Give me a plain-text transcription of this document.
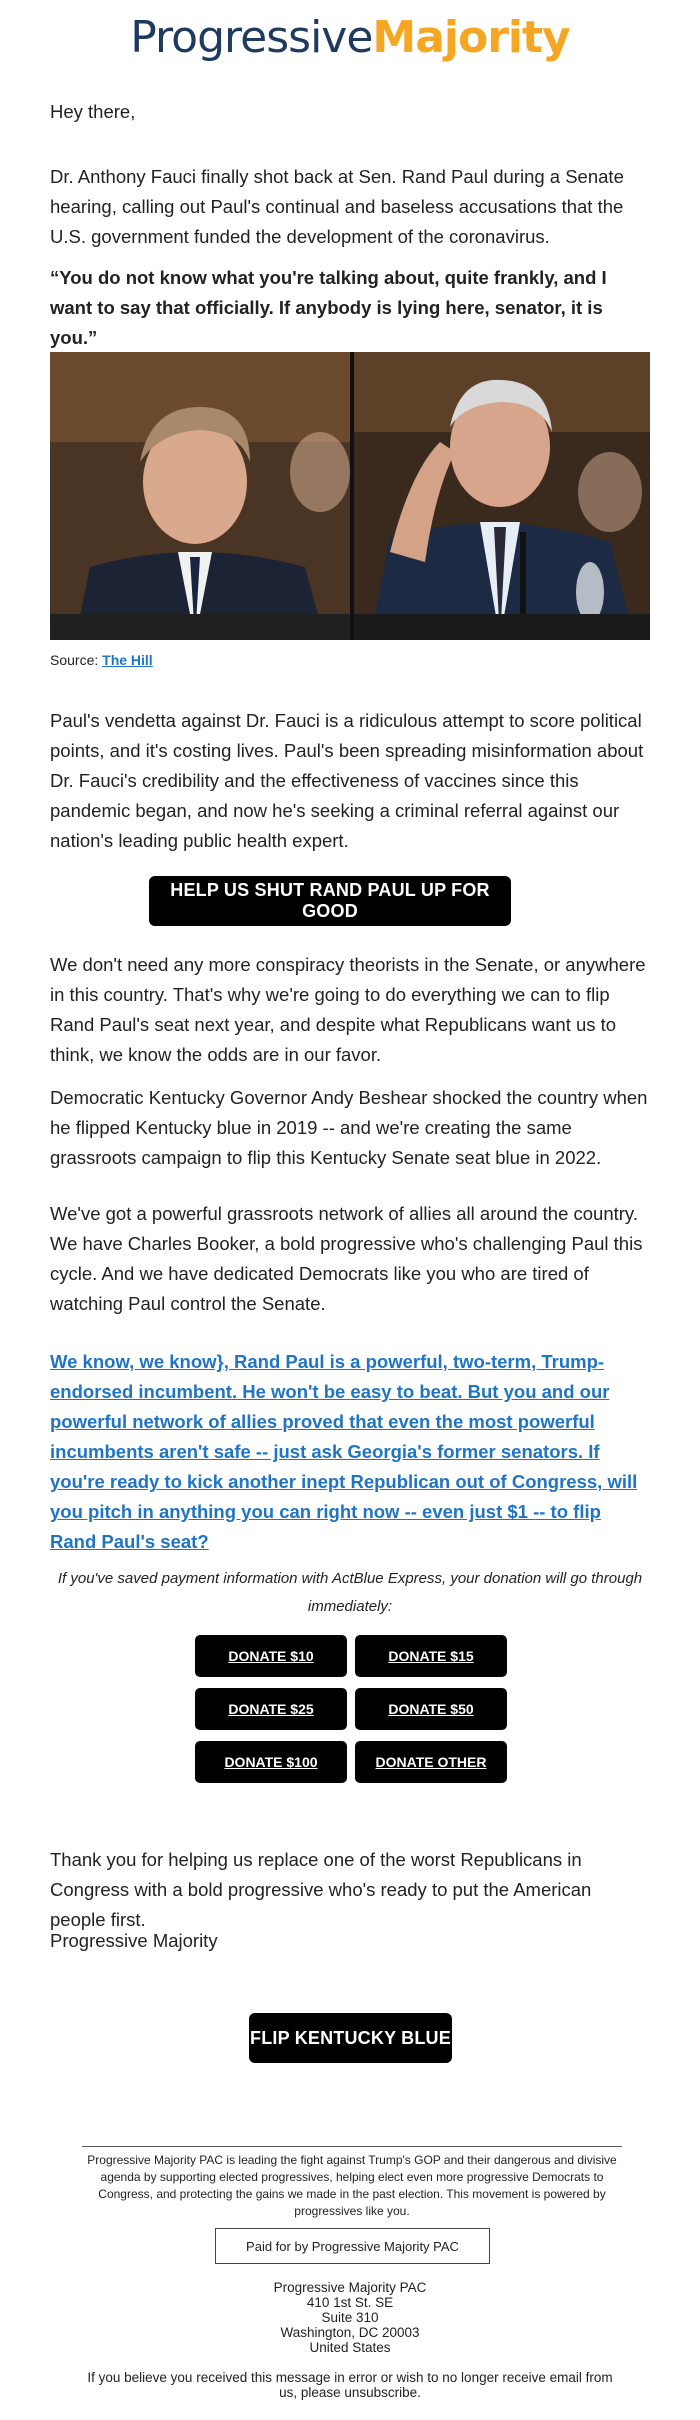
ProgressiveMajority

Hey there,

Dr. Anthony Fauci finally shot back at Sen. Rand Paul during a Senate hearing, calling out Paul's continual and baseless accusations that the U.S. government funded the development of the coronavirus.

“You do not know what you're talking about, quite frankly, and I want to say that officially. If anybody is lying here, senator, it is you.”

Source: The Hill

Paul's vendetta against Dr. Fauci is a ridiculous attempt to score political points, and it's costing lives. Paul's been spreading misinformation about Dr. Fauci's credibility and the effectiveness of vaccines since this pandemic began, and now he's seeking a criminal referral against our nation's leading public health expert.

HELP US SHUT RAND PAUL UP FOR GOOD

We don't need any more conspiracy theorists in the Senate, or anywhere in this country. That's why we're going to do everything we can to flip Rand Paul's seat next year, and despite what Republicans want us to think, we know the odds are in our favor.

Democratic Kentucky Governor Andy Beshear shocked the country when he flipped Kentucky blue in 2019 -- and we're creating the same grassroots campaign to flip this Kentucky Senate seat blue in 2022.

We've got a powerful grassroots network of allies all around the country. We have Charles Booker, a bold progressive who's challenging Paul this cycle. And we have dedicated Democrats like you who are tired of watching Paul control the Senate.

We know, we know}, Rand Paul is a powerful, two-term, Trump-endorsed incumbent. He won't be easy to beat. But you and our powerful network of allies proved that even the most powerful incumbents aren't safe -- just ask Georgia's former senators. If you're ready to kick another inept Republican out of Congress, will you pitch in anything you can right now -- even just $1 -- to flip Rand Paul's seat?

If you've saved payment information with ActBlue Express, your donation will go through immediately:

DONATE $10	DONATE $15
DONATE $25	DONATE $50
DONATE $100	DONATE OTHER

Thank you for helping us replace one of the worst Republicans in Congress with a bold progressive who's ready to put the American people first.

Progressive Majority

FLIP KENTUCKY BLUE

Progressive Majority PAC is leading the fight against Trump's GOP and their dangerous and divisive agenda by supporting elected progressives, helping elect even more progressive Democrats to Congress, and protecting the gains we made in the past election. This movement is powered by progressives like you.

Paid for by Progressive Majority PAC
Progressive Majority PAC
410 1st St. SE
Suite 310
Washington, DC 20003
United States

If you believe you received this message in error or wish to no longer receive email from us, please unsubscribe.
